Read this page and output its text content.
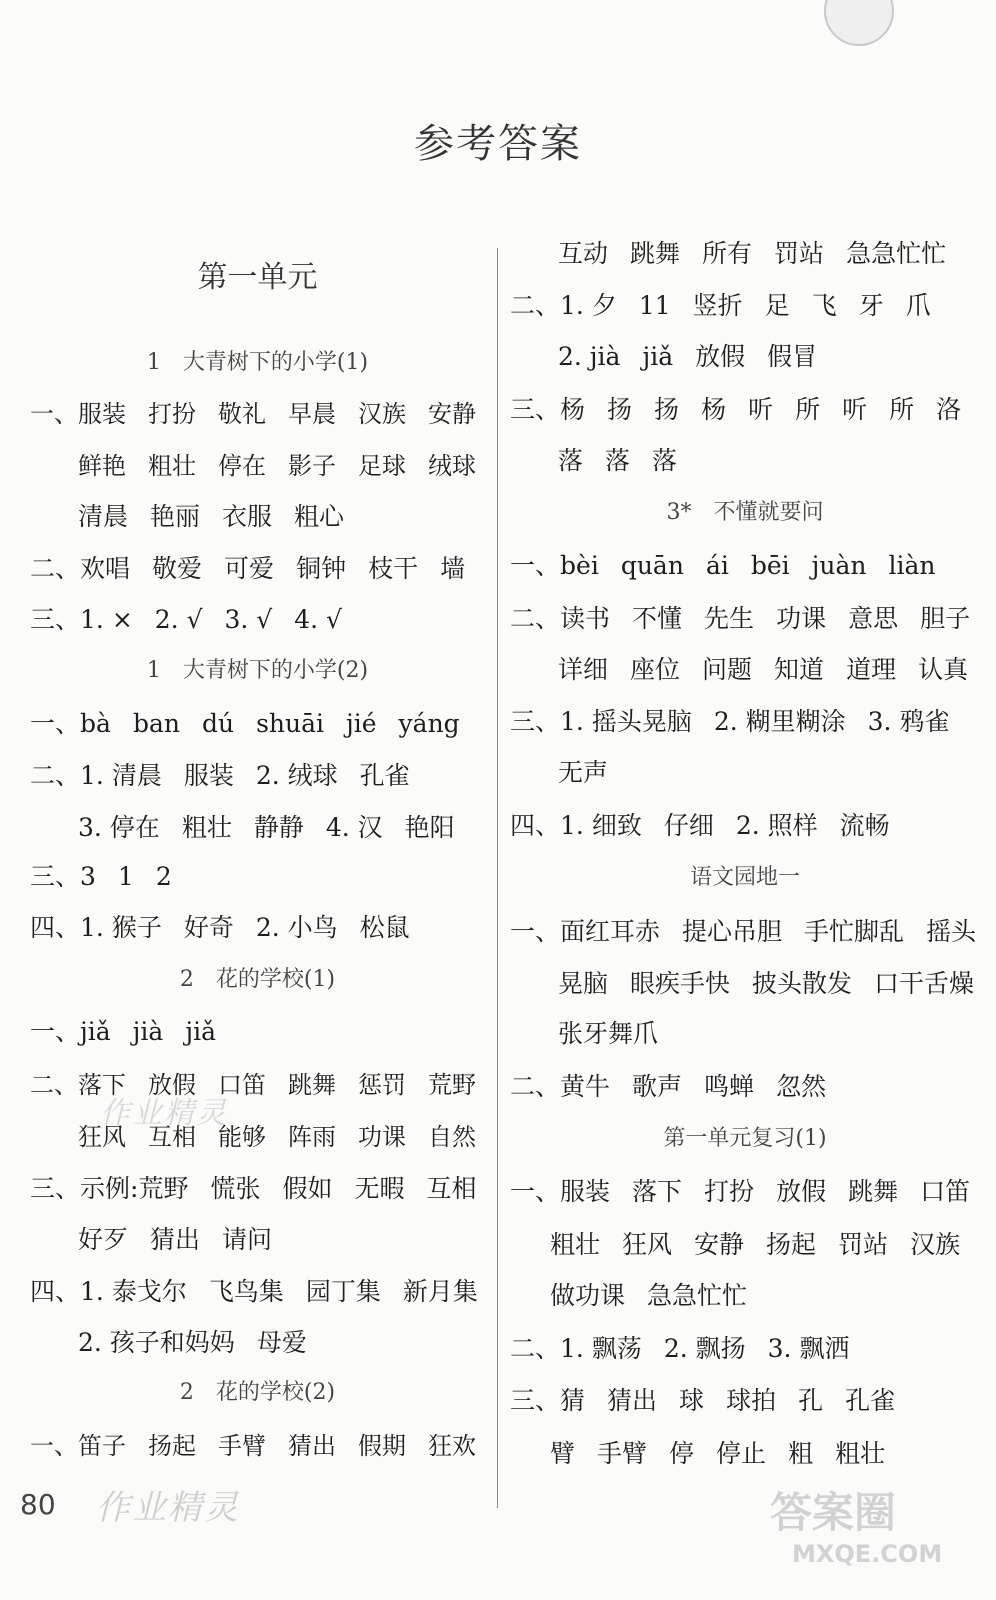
参考答案
第一单元
1　大青树下的小学(1)
一、服装 打扮 敬礼 早晨 汉族 安静
鲜艳 粗壮 停在 影子 足球 绒球
清晨 艳丽 衣服 粗心
二、欢唱 敬爱 可爱 铜钟 枝干 墙
三、1. × 2. √ 3. √ 4. √
1　大青树下的小学(2)
一、bà ban dú shuāi jié yáng
二、1. 清晨 服装 2. 绒球 孔雀
3. 停在 粗壮 静静 4. 汉 艳阳
三、3 1 2
四、1. 猴子 好奇 2. 小鸟 松鼠
2　花的学校(1)
一、jiǎ jià jiǎ
二、落下 放假 口笛 跳舞 惩罚 荒野
狂风 互相 能够 阵雨 功课 自然
三、示例:荒野 慌张 假如 无暇 互相
好歹 猜出 请问
四、1. 泰戈尔 飞鸟集 园丁集 新月集
2. 孩子和妈妈 母爱
2　花的学校(2)
一、笛子 扬起 手臂 猜出 假期 狂欢
互动 跳舞 所有 罚站 急急忙忙
二、1. 夕 11 竖折 足 飞 牙 爪
2. jià jiǎ 放假 假冒
三、杨 扬 扬 杨 听 所 听 所 洛
落 落 落
3*　不懂就要问
一、bèi quān ái bēi juàn liàn
二、读书 不懂 先生 功课 意思 胆子
详细 座位 问题 知道 道理 认真
三、1. 摇头晃脑 2. 糊里糊涂 3. 鸦雀
无声
四、1. 细致 仔细 2. 照样 流畅
语文园地一
一、面红耳赤 提心吊胆 手忙脚乱 摇头
晃脑 眼疾手快 披头散发 口干舌燥
张牙舞爪
二、黄牛 歌声 鸣蝉 忽然
第一单元复习(1)
一、服装 落下 打扮 放假 跳舞 口笛
粗壮 狂风 安静 扬起 罚站 汉族
做功课 急急忙忙
二、1. 飘荡 2. 飘扬 3. 飘洒
三、猜 猜出 球 球拍 孔 孔雀
臂 手臂 停 停止 粗 粗壮
作业精灵
80 作业精灵	答案圈
MXQE.COM
